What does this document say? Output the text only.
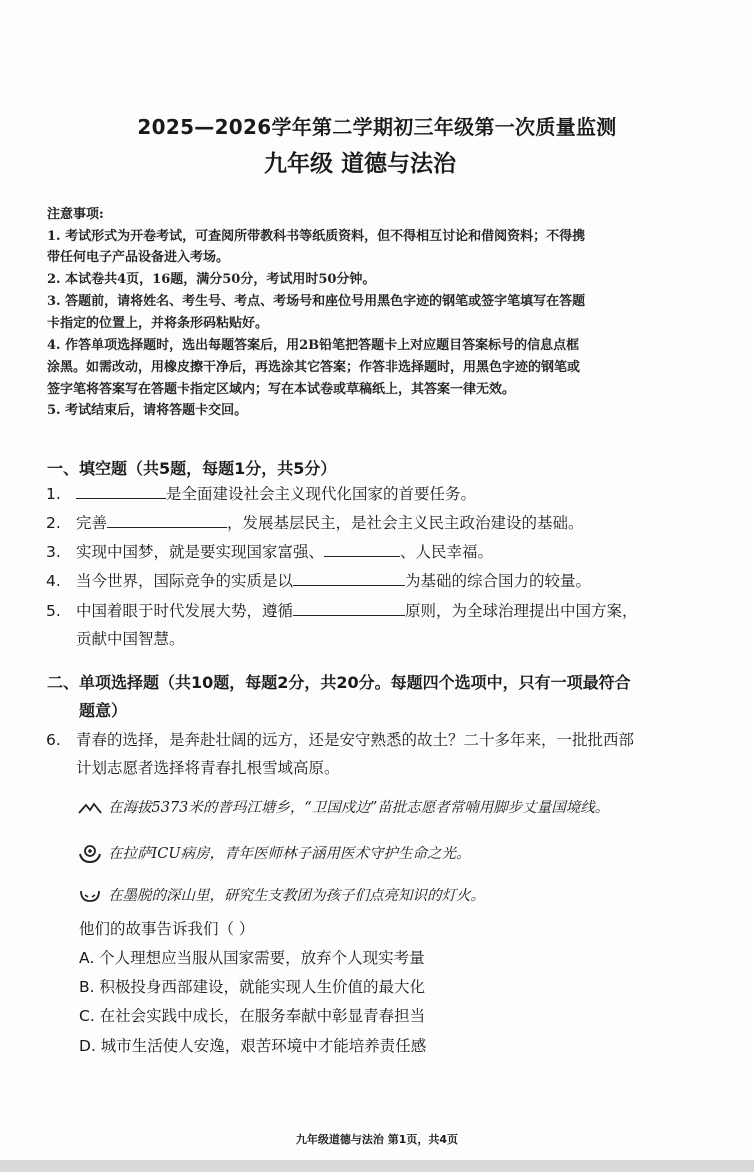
2025—2026学年第二学期初三年级第一次质量监测
九年级 道德与法治
注意事项:
1. 考试形式为开卷考试，可查阅所带教科书等纸质资料，但不得相互讨论和借阅资料；不得携
带任何电子产品设备进入考场。
2. 本试卷共4页，16题，满分50分，考试用时50分钟。
3. 答题前，请将姓名、考生号、考点、考场号和座位号用黑色字迹的钢笔或签字笔填写在答题
卡指定的位置上，并将条形码粘贴好。
4. 作答单项选择题时，选出每题答案后，用2B铅笔把答题卡上对应题目答案标号的信息点框
涂黑。如需改动，用橡皮擦干净后，再选涂其它答案；作答非选择题时，用黑色字迹的钢笔或
签字笔将答案写在答题卡指定区域内；写在本试卷或草稿纸上，其答案一律无效。
5. 考试结束后，请将答题卡交回。
一、填空题（共5题，每题1分，共5分）
1.	是全面建设社会主义现代化国家的首要任务。
2. 完善	，发展基层民主，是社会主义民主政治建设的基础。
3. 实现中国梦，就是要实现国家富强、	、人民幸福。
4. 当今世界，国际竞争的实质是以	为基础的综合国力的较量。
5. 中国着眼于时代发展大势，遵循	原则，为全球治理提出中国方案，
贡献中国智慧。
二、单项选择题（共10题，每题2分，共20分。每题四个选项中，只有一项最符合
题意）
6. 青春的选择，是奔赴壮阔的远方，还是安守熟悉的故土？二十多年来，一批批西部
计划志愿者选择将青春扎根雪域高原。
在海拔5373米的普玛江塘乡，“卫国戍边”苗批志愿者常喃用脚步丈量国境线。
在拉萨ICU病房，青年医师林子涵用医术守护生命之光。
在墨脱的深山里，研究生支教团为孩子们点亮知识的灯火。
他们的故事告诉我们（ ）
A. 个人理想应当服从国家需要，放弃个人现实考量
B. 积极投身西部建设，就能实现人生价值的最大化
C. 在社会实践中成长，在服务奉献中彰显青春担当
D. 城市生活使人安逸，艰苦环境中才能培养责任感
九年级道德与法治 第1页，共4页
